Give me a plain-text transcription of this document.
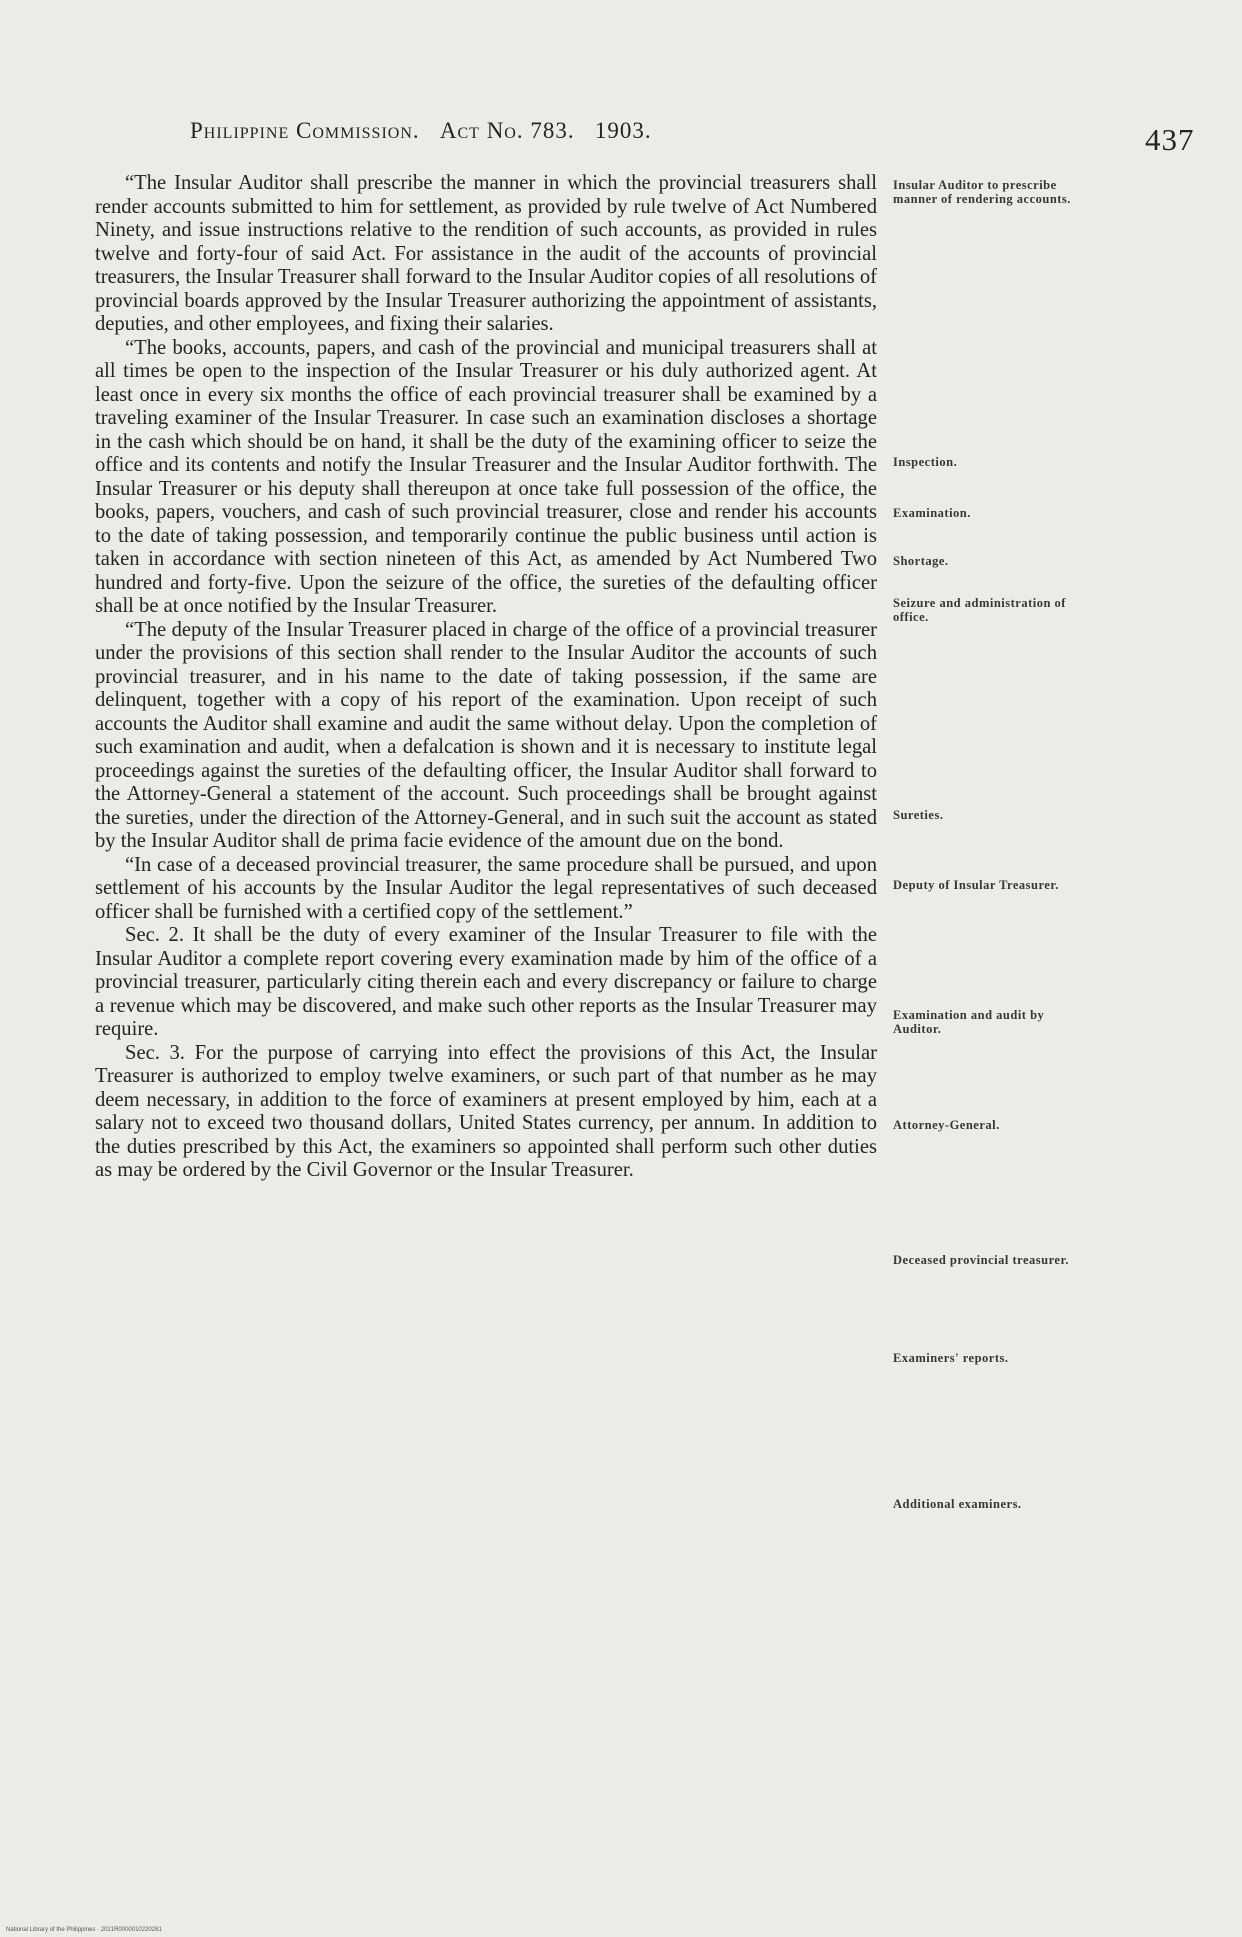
Philippine Commission. Act No. 783. 1903.	437

“The Insular Auditor shall prescribe the manner in which the provincial treasurers shall render accounts submitted to him for settlement, as provided by rule twelve of Act Numbered Ninety, and issue instructions relative to the rendition of such accounts, as provided in rules twelve and forty-four of said Act. For assistance in the audit of the accounts of provincial treasurers, the Insular Treasurer shall forward to the Insular Auditor copies of all resolutions of provincial boards approved by the Insular Treasurer authorizing the appointment of assistants, deputies, and other employees, and fixing their salaries.

“The books, accounts, papers, and cash of the provincial and municipal treasurers shall at all times be open to the inspection of the Insular Treasurer or his duly authorized agent. At least once in every six months the office of each provincial treasurer shall be examined by a traveling examiner of the Insular Treasurer. In case such an examination discloses a shortage in the cash which should be on hand, it shall be the duty of the examining officer to seize the office and its contents and notify the Insular Treasurer and the Insular Auditor forthwith. The Insular Treasurer or his deputy shall thereupon at once take full possession of the office, the books, papers, vouchers, and cash of such provincial treasurer, close and render his accounts to the date of taking possession, and temporarily continue the public business until action is taken in accordance with section nineteen of this Act, as amended by Act Numbered Two hundred and forty-five. Upon the seizure of the office, the sureties of the defaulting officer shall be at once notified by the Insular Treasurer.

“The deputy of the Insular Treasurer placed in charge of the office of a provincial treasurer under the provisions of this section shall render to the Insular Auditor the accounts of such provincial treasurer, and in his name to the date of taking possession, if the same are delinquent, together with a copy of his report of the examination. Upon receipt of such accounts the Auditor shall examine and audit the same without delay. Upon the completion of such examination and audit, when a defalcation is shown and it is necessary to institute legal proceedings against the sureties of the defaulting officer, the Insular Auditor shall forward to the Attorney-General a statement of the account. Such proceedings shall be brought against the sureties, under the direction of the Attorney-General, and in such suit the account as stated by the Insular Auditor shall de prima facie evidence of the amount due on the bond.

“In case of a deceased provincial treasurer, the same procedure shall be pursued, and upon settlement of his accounts by the Insular Auditor the legal representatives of such deceased officer shall be furnished with a certified copy of the settlement.”

Sec. 2. It shall be the duty of every examiner of the Insular Treasurer to file with the Insular Auditor a complete report covering every examination made by him of the office of a provincial treasurer, particularly citing therein each and every discrepancy or failure to charge a revenue which may be discovered, and make such other reports as the Insular Treasurer may require.

Sec. 3. For the purpose of carrying into effect the provisions of this Act, the Insular Treasurer is authorized to employ twelve examiners, or such part of that number as he may deem necessary, in addition to the force of examiners at present employed by him, each at a salary not to exceed two thousand dollars, United States currency, per annum. In addition to the duties prescribed by this Act, the examiners so appointed shall perform such other duties as may be ordered by the Civil Governor or the Insular Treasurer.

Insular Auditor to prescribe manner of rendering accounts.
Inspection.
Examination.
Shortage.
Seizure and administration of office.
Sureties.
Deputy of Insular Treasurer.
Examination and audit by Auditor.
Attorney-General.
Deceased provincial treasurer.
Examiners' reports.
Additional examiners.
National Library of the Philippines · 2021R0000010220281
